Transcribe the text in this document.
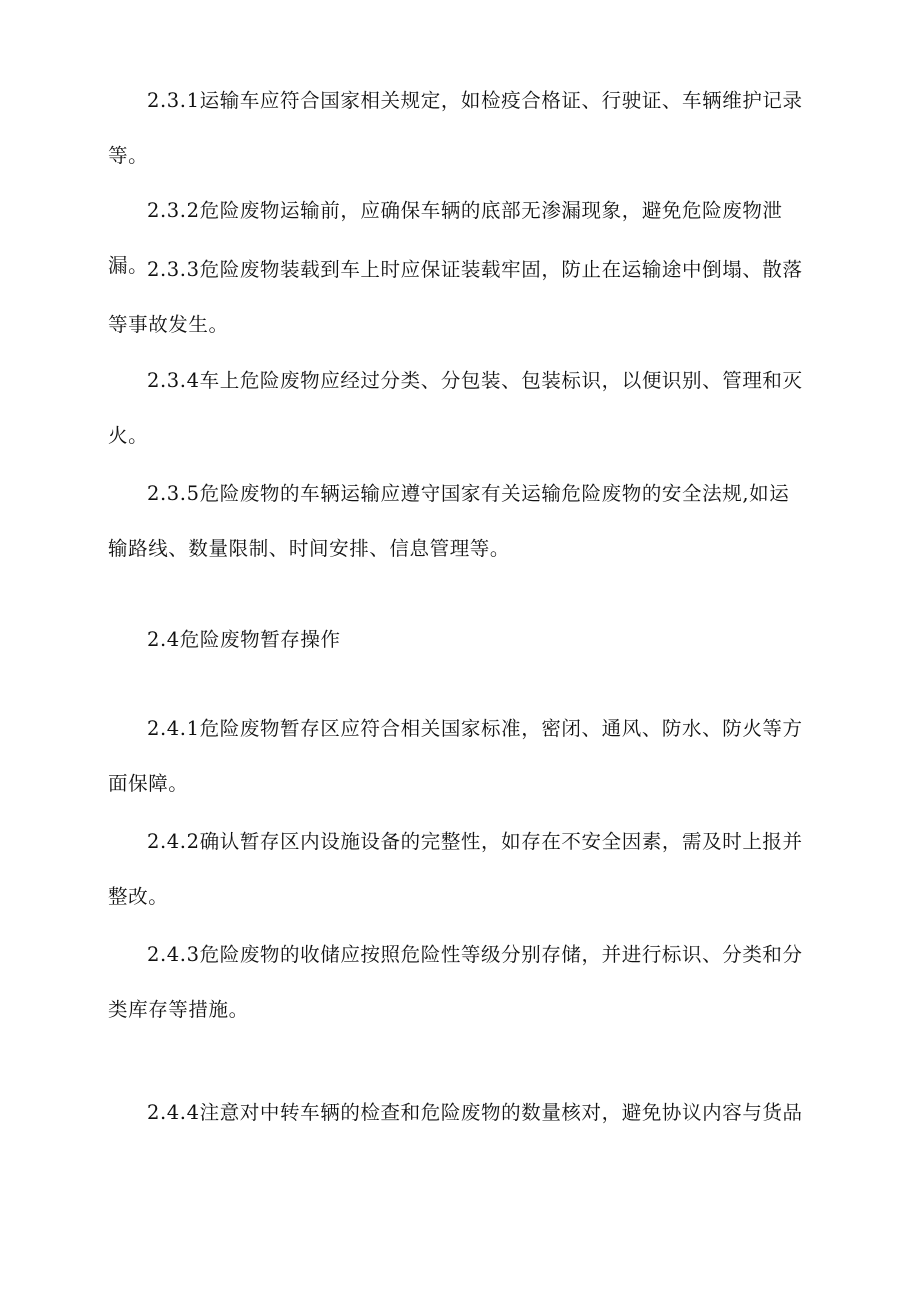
2.3.1运输车应符合国家相关规定，如检疫合格证、行驶证、车辆维护记录等。

2.3.2危险废物运输前，应确保车辆的底部无渗漏现象，避免危险废物泄漏。

2.3.3危险废物装载到车上时应保证装载牢固，防止在运输途中倒塌、散落等事故发生。

2.3.4车上危险废物应经过分类、分包装、包装标识，以便识别、管理和灭火。

2.3.5危险废物的车辆运输应遵守国家有关运输危险废物的安全法规,如运输路线、数量限制、时间安排、信息管理等。

2.4危险废物暂存操作

2.4.1危险废物暂存区应符合相关国家标准，密闭、通风、防水、防火等方面保障。

2.4.2确认暂存区内设施设备的完整性，如存在不安全因素，需及时上报并整改。

2.4.3危险废物的收储应按照危险性等级分别存储，并进行标识、分类和分类库存等措施。

2.4.4注意对中转车辆的检查和危险废物的数量核对，避免协议内容与货品
